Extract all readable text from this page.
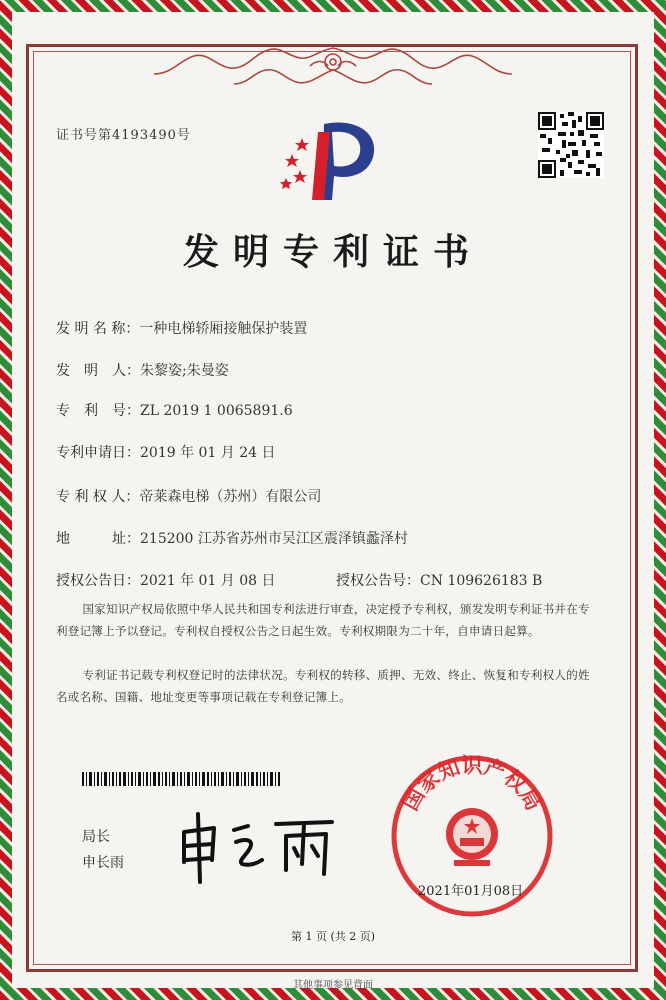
证书号第4193490号
发明专利证书
发 明 名 称：一种电梯轿厢接触保护装置
发　明　人：朱黎姿;朱曼姿
专　利　号：ZL 2019 1 0065891.6
专利申请日：2019 年 01 月 24 日
专 利 权 人：帝莱森电梯（苏州）有限公司
地　　　址：215200 江苏省苏州市吴江区震泽镇蠡泽村
授权公告日：2021 年 01 月 08 日	授权公告号：CN 109626183 B
国家知识产权局依照中华人民共和国专利法进行审查，决定授予专利权，颁发发明专利证书并在专利登记簿上予以登记。专利权自授权公告之日起生效。专利权期限为二十年，自申请日起算。
专利证书记载专利权登记时的法律状况。专利权的转移、质押、无效、终止、恢复和专利权人的姓名或名称、国籍、地址变更等事项记载在专利登记簿上。
局长
申长雨
国家知识产权局
2021年01月08日
第 1 页 (共 2 页)
其他事项参见背面
